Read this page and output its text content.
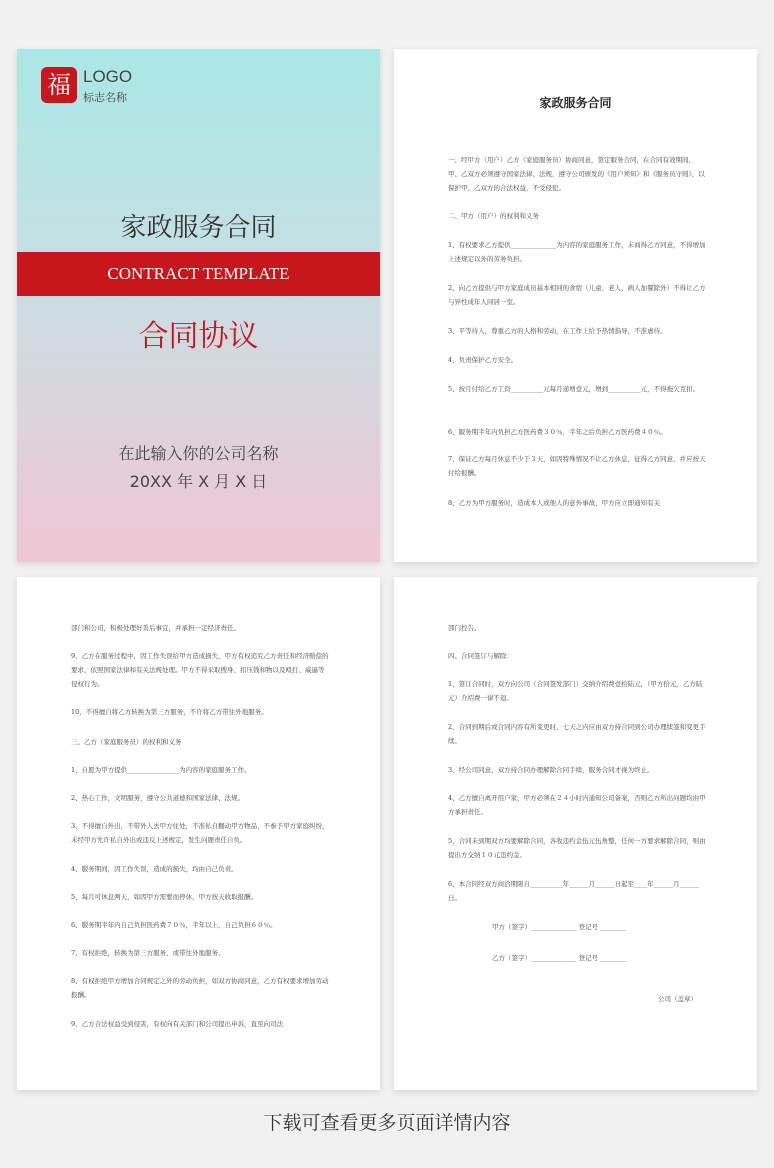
福 LOGO
标志名称
家政服务合同
CONTRACT TEMPLATE
合同协议
在此输入你的公司名称
20XX 年 X 月 X 日
家政服务合同

一、经甲方（用户）乙方（家庭服务员）协商同意，签定服务合同，在合同有效期间，甲、乙双方必须遵守国家法律、法规，遵守公司颁发的《用户须知》和《服务员守则》，以保护甲、乙双方的合法权益，不受侵犯。

二、甲方（用户）的权利和义务

1、有权要求乙方提供______________为内容的家庭服务工作，未商得乙方同意，不得增加上述规定以外的劳务负担。

2、向乙方提供与甲方家庭成员基本相同的食宿（儿童、老人、病人加餐除外）不得让乙方与异性成年人同居一室。

3、平等待人，尊重乙方的人格和劳动，在工作上给予热情指导，不准虐待。

4、负责保护乙方安全。

5、按月付给乙方工资__________元每月递增壹元，增到__________元，不得拖欠克扣。

6、服务期半年内负担乙方医药费３０％，半年之后负担乙方医药费４０％。

7、保证乙方每月休息不少于３天，如因特殊情况不让乙方休息，征得乙方同意，并应按天付给报酬。

8、乙方为甲方服务时，造成本人或他人的意外事故，甲方应立即通知有关

部门和公司，积极处理好善后事宜，并承担一定经济责任。

9、乙方在服务过程中，因工作失误给甲方造成损失，甲方有权追究乙方责任和经济赔偿的要求，依照国家法律和有关法规处理。甲方不得采取搜身、扣压钱和物以及殴打、威逼等侵权行为。

10、不得擅自将乙方转换为第三方服务，不许将乙方带往外地服务。

三、乙方（家庭服务员）的权利和义务

1、自愿为甲方提供________________为内容的家庭服务工作。

2、热心工作，文明服务，遵守公共道德和国家法律、法规。

3、不得擅自外出，不带外人去甲方住处，不准私自翻动甲方物品，不参予甲方家庭纠纷，未经甲方允许私自外出或违反上述规定，发生问题责任自负。

4、服务期间，因工作失误，造成的损失，均由自己负责。

5、每月可休息两天，如因甲方需要而停休，甲方按天收取报酬。

6、服务期半年内自己负担医药费７０％，半年以上，自己负担６０％。

7、有权拒绝，转换为第三方服务，或带往外地服务。

8、有权拒绝甲方增加合同规定之外的劳动负担，如双方协商同意，乙方有权要求增加劳动报酬。

9、乙方合法权益受到侵害，有权向有关部门和公司提出申诉，直至向司法

部门控告。

四、合同签订与解除：

1、签订合同时，双方向公司（合同签发部门）交纳介绍费壹拾陆元，（甲方拾元、乙方陆元）介绍费一律不退。

2、合同到期后或合同内容有所变更时，七天之内应由双方持合同到公司办理续签和变更手续。

3、经公司同意，双方持合同办理解除合同手续，服务合同才视为终止。

4、乙方擅自离开用户家，甲方必须在２４小时内通知公司备案，否则乙方所出问题均由甲方承担责任。

5、合同未到期双方均要解除合同，各收违约金伍元伍角整，任何一方要求解除合同，则由提出方交纳１０元违约金。

6、本合同经双方商洽期限自__________年______月______日起至____年______月______日。

甲方（签字）______________ 登记号 ________

乙方（签字）______________ 登记号 ________

公司（盖章）

下载可查看更多页面详情内容
